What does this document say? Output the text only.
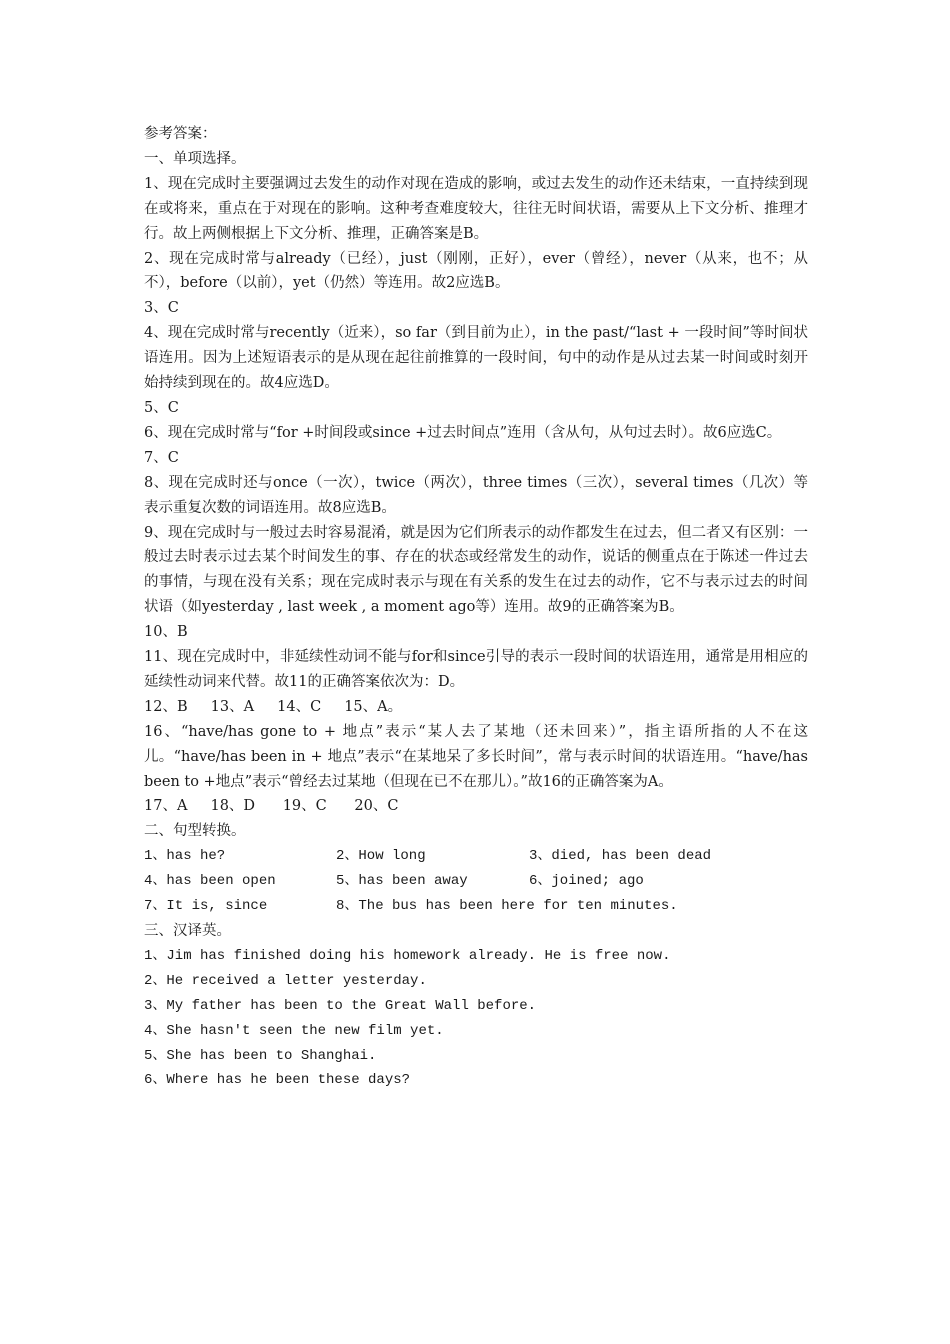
参考答案：

一、单项选择。

1、现在完成时主要强调过去发生的动作对现在造成的影响，或过去发生的动作还未结束，一直持续到现在或将来，重点在于对现在的影响。这种考查难度较大，往往无时间状语，需要从上下文分析、推理才行。故上两侧根据上下文分析、推理，正确答案是B。

2、现在完成时常与already（已经），just（刚刚，正好），ever（曾经），never（从来，也不；从不），before（以前），yet（仍然）等连用。故2应选B。

3、C

4、现在完成时常与recently（近来），so far（到目前为止），in the past/“last + 一段时间”等时间状语连用。因为上述短语表示的是从现在起往前推算的一段时间，句中的动作是从过去某一时间或时刻开始持续到现在的。故4应选D。

5、C

6、现在完成时常与“for +时间段或since +过去时间点”连用（含从句，从句过去时）。故6应选C。

7、C

8、现在完成时还与once（一次），twice（两次），three times（三次），several times（几次）等表示重复次数的词语连用。故8应选B。

9、现在完成时与一般过去时容易混淆，就是因为它们所表示的动作都发生在过去，但二者又有区别：一般过去时表示过去某个时间发生的事、存在的状态或经常发生的动作，说话的侧重点在于陈述一件过去的事情，与现在没有关系；现在完成时表示与现在有关系的发生在过去的动作，它不与表示过去的时间状语（如yesterday , last week , a moment ago等）连用。故9的正确答案为B。

10、B

11、现在完成时中，非延续性动词不能与for和since引导的表示一段时间的状语连用，通常是用相应的延续性动词来代替。故11的正确答案依次为：D。

12、B     13、A     14、C     15、A。

16、“have/has gone to + 地点”表示“某人去了某地（还未回来）”，指主语所指的人不在这儿。“have/has been in + 地点”表示“在某地呆了多长时间”，常与表示时间的状语连用。“have/has been to +地点”表示“曾经去过某地（但现在已不在那儿）。”故16的正确答案为A。

17、A     18、D      19、C      20、C

二、句型转换。

1、has he?	2、How long	3、died, has been dead
4、has been open	5、has been away	6、joined; ago
7、It is, since	8、The bus has been here for ten minutes.

三、汉译英。

1、Jim has finished doing his homework already. He is free now.

2、He received a letter yesterday.

3、My father has been to the Great Wall before.

4、She hasn't seen the new film yet.

5、She has been to Shanghai.

6、Where has he been these days?
